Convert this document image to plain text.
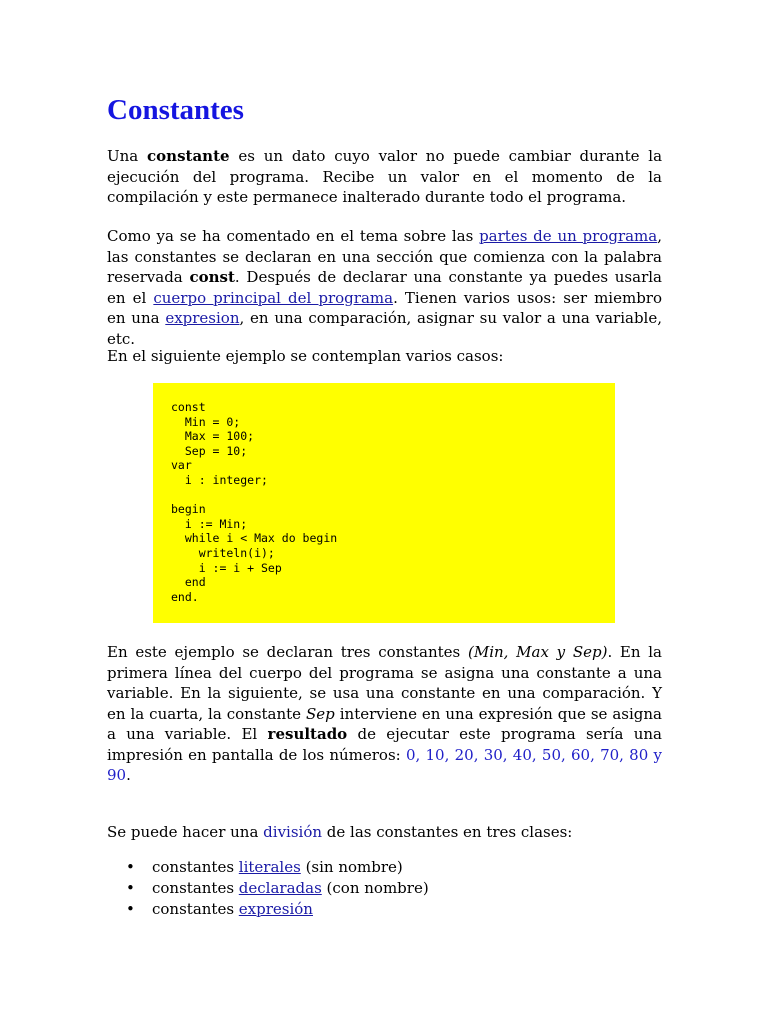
Constantes

Una constante es un dato cuyo valor no puede cambiar durante la ejecución del programa. Recibe un valor en el momento de la compilación y este permanece inalterado durante todo el programa.

Como ya se ha comentado en el tema sobre las partes de un programa, las constantes se declaran en una sección que comienza con la palabra reservada const. Después de declarar una constante ya puedes usarla en el cuerpo principal del programa. Tienen varios usos: ser miembro en una expresion, en una comparación, asignar su valor a una variable, etc.

En el siguiente ejemplo se contemplan varios casos:

const
Min = 0;
Max = 100;
Sep = 10;
var
i : integer;

begin
i := Min;
while i < Max do begin
writeln(i);
i := i + Sep
end
end.

En este ejemplo se declaran tres constantes (Min, Max y Sep). En la primera línea del cuerpo del programa se asigna una constante a una variable. En la siguiente, se usa una constante en una comparación. Y en la cuarta, la constante Sep interviene en una expresión que se asigna a una variable. El resultado de ejecutar este programa sería una impresión en pantalla de los números: 0, 10, 20, 30, 40, 50, 60, 70, 80 y 90.

Se puede hacer una división de las constantes en tres clases:

• constantes literales (sin nombre)
• constantes declaradas (con nombre)
• constantes expresión
